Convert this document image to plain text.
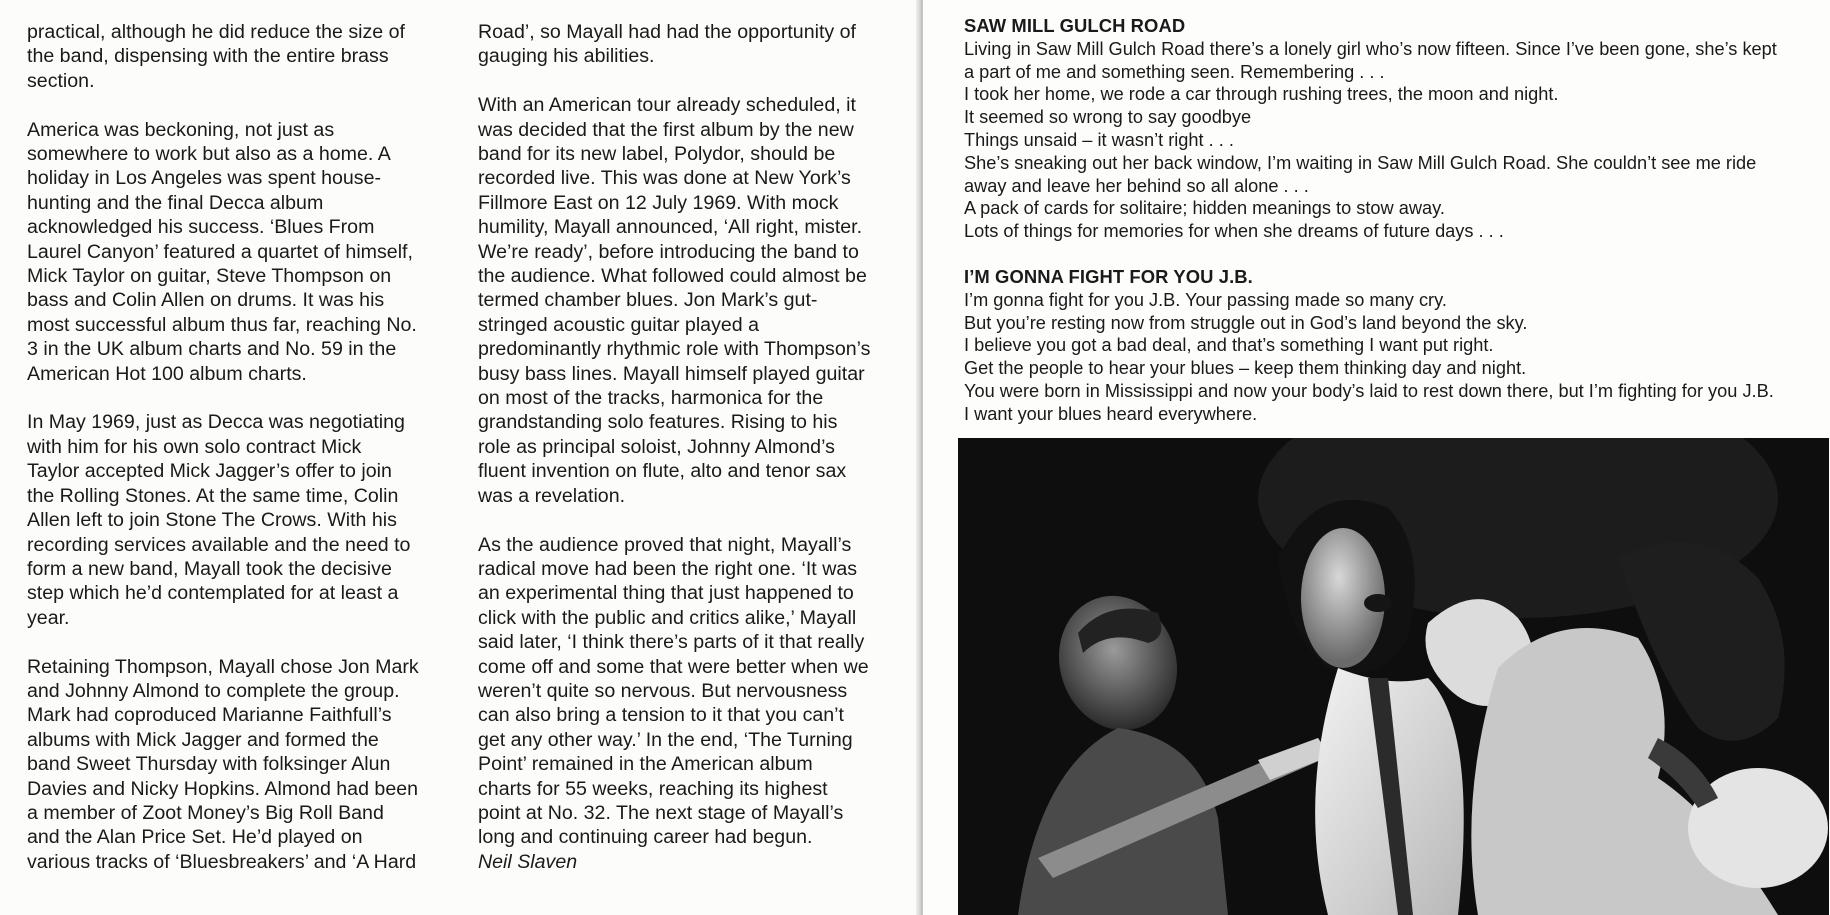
practical, although he did reduce the size of
the band, dispensing with the entire brass
section.

America was beckoning, not just as
somewhere to work but also as a home. A
holiday in Los Angeles was spent house-
hunting and the final Decca album
acknowledged his success. ‘Blues From
Laurel Canyon’ featured a quartet of himself,
Mick Taylor on guitar, Steve Thompson on
bass and Colin Allen on drums. It was his
most successful album thus far, reaching No.
3 in the UK album charts and No. 59 in the
American Hot 100 album charts.

In May 1969, just as Decca was negotiating
with him for his own solo contract Mick
Taylor accepted Mick Jagger’s offer to join
the Rolling Stones. At the same time, Colin
Allen left to join Stone The Crows. With his
recording services available and the need to
form a new band, Mayall took the decisive
step which he’d contemplated for at least a
year.

Retaining Thompson, Mayall chose Jon Mark
and Johnny Almond to complete the group.
Mark had coproduced Marianne Faithfull’s
albums with Mick Jagger and formed the
band Sweet Thursday with folksinger Alun
Davies and Nicky Hopkins. Almond had been
a member of Zoot Money’s Big Roll Band
and the Alan Price Set. He’d played on
various tracks of ‘Bluesbreakers’ and ‘A Hard

Road’, so Mayall had had the opportunity of
gauging his abilities.

With an American tour already scheduled, it
was decided that the first album by the new
band for its new label, Polydor, should be
recorded live. This was done at New York’s
Fillmore East on 12 July 1969. With mock
humility, Mayall announced, ‘All right, mister.
We’re ready’, before introducing the band to
the audience. What followed could almost be
termed chamber blues. Jon Mark’s gut-
stringed acoustic guitar played a
predominantly rhythmic role with Thompson’s
busy bass lines. Mayall himself played guitar
on most of the tracks, harmonica for the
grandstanding solo features. Rising to his
role as principal soloist, Johnny Almond’s
fluent invention on flute, alto and tenor sax
was a revelation.

As the audience proved that night, Mayall’s
radical move had been the right one. ‘It was
an experimental thing that just happened to
click with the public and critics alike,’ Mayall
said later, ‘I think there’s parts of it that really
come off and some that were better when we
weren’t quite so nervous. But nervousness
can also bring a tension to it that you can’t
get any other way.’ In the end, ‘The Turning
Point’ remained in the American album
charts for 55 weeks, reaching its highest
point at No. 32. The next stage of Mayall’s
long and continuing career had begun.

Neil Slaven
SAW MILL GULCH ROAD
Living in Saw Mill Gulch Road there’s a lonely girl who’s now fifteen. Since I’ve been gone, she’s kept
a part of me and something seen. Remembering . . .
I took her home, we rode a car through rushing trees, the moon and night.
It seemed so wrong to say goodbye
Things unsaid – it wasn’t right . . .
She’s sneaking out her back window, I’m waiting in Saw Mill Gulch Road. She couldn’t see me ride
away and leave her behind so all alone . . .
A pack of cards for solitaire; hidden meanings to stow away.
Lots of things for memories for when she dreams of future days . . .
I’M GONNA FIGHT FOR YOU J.B.
I’m gonna fight for you J.B. Your passing made so many cry.
But you’re resting now from struggle out in God’s land beyond the sky.
I believe you got a bad deal, and that’s something I want put right.
Get the people to hear your blues – keep them thinking day and night.
You were born in Mississippi and now your body’s laid to rest down there, but I’m fighting for you J.B.
I want your blues heard everywhere.
